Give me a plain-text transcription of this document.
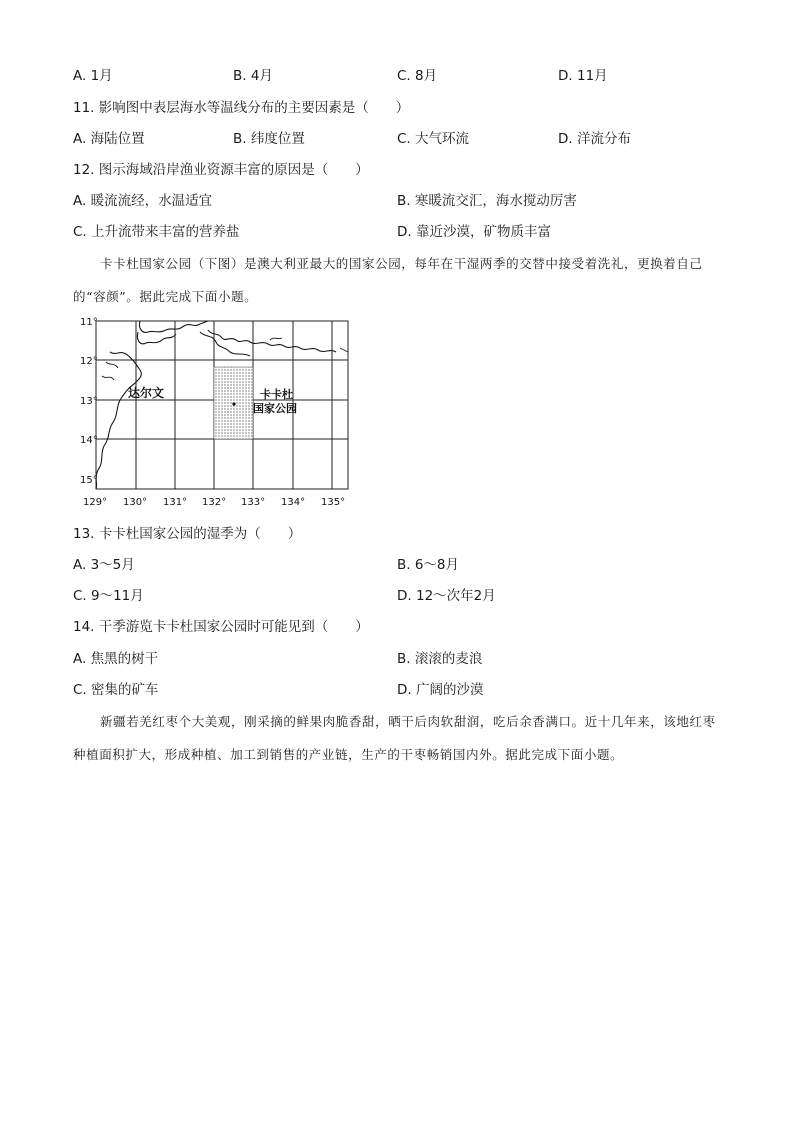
A. 1月	B. 4月	C. 8月	D. 11月
11. 影响图中表层海水等温线分布的主要因素是（　　）
A. 海陆位置	B. 纬度位置	C. 大气环流	D. 洋流分布
12. 图示海域沿岸渔业资源丰富的原因是（　　）
A. 暖流流经，水温适宜	B. 寒暖流交汇，海水搅动厉害
C. 上升流带来丰富的营养盐	D. 靠近沙漠，矿物质丰富
卡卡杜国家公园（下图）是澳大利亚最大的国家公园，每年在干湿两季的交替中接受着洗礼，更换着自己的“容颜”。据此完成下面小题。
11°
12°
13°
14°
15°
129° 130° 131° 132° 133° 134° 135°
达尔文	卡卡杜
国家公园
13. 卡卡杜国家公园的湿季为（　　）
A. 3～5月	B. 6～8月
C. 9～11月	D. 12～次年2月
14. 干季游览卡卡杜国家公园时可能见到（　　）
A. 焦黑的树干	B. 滚滚的麦浪
C. 密集的矿车	D. 广阔的沙漠
新疆若羌红枣个大美观，刚采摘的鲜果肉脆香甜，晒干后肉软甜润，吃后余香满口。近十几年来，该地红枣种植面积扩大，形成种植、加工到销售的产业链，生产的干枣畅销国内外。据此完成下面小题。
